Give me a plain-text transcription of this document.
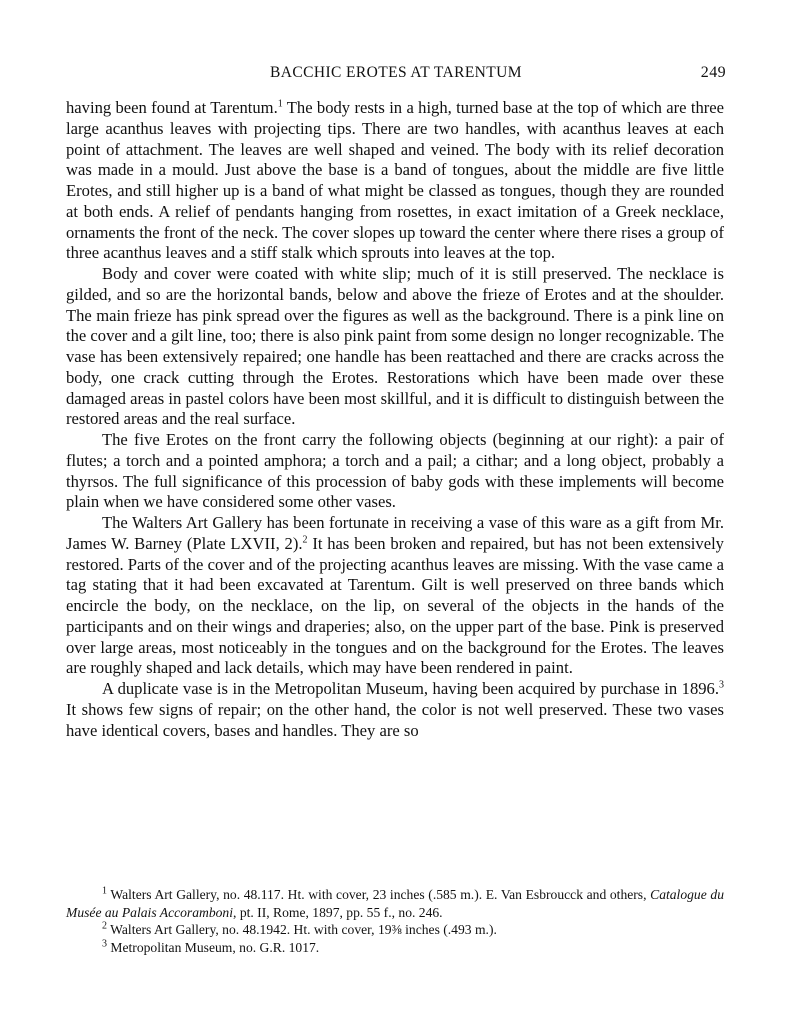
BACCHIC EROTES AT TARENTUM	249

having been found at Tarentum.$^1$ The body rests in a high, turned base at the top of which are three large acanthus leaves with projecting tips. There are two handles, with acanthus leaves at each point of attachment. The leaves are well shaped and veined. The body with its relief decoration was made in a mould. Just above the base is a band of tongues, about the middle are five little Erotes, and still higher up is a band of what might be classed as tongues, though they are rounded at both ends. A relief of pendants hanging from rosettes, in exact imitation of a Greek necklace, ornaments the front of the neck. The cover slopes up toward the center where there rises a group of three acanthus leaves and a stiff stalk which sprouts into leaves at the top.

Body and cover were coated with white slip; much of it is still preserved. The necklace is gilded, and so are the horizontal bands, below and above the frieze of Erotes and at the shoulder. The main frieze has pink spread over the figures as well as the background. There is a pink line on the cover and a gilt line, too; there is also pink paint from some design no longer recognizable. The vase has been extensively repaired; one handle has been reattached and there are cracks across the body, one crack cutting through the Erotes. Restorations which have been made over these damaged areas in pastel colors have been most skillful, and it is difficult to distinguish between the restored areas and the real surface.

The five Erotes on the front carry the following objects (beginning at our right): a pair of flutes; a torch and a pointed amphora; a torch and a pail; a cithar; and a long object, probably a thyrsos. The full significance of this procession of baby gods with these implements will become plain when we have considered some other vases.

The Walters Art Gallery has been fortunate in receiving a vase of this ware as a gift from Mr. James W. Barney (Plate LXVII, 2).$^2$ It has been broken and repaired, but has not been extensively restored. Parts of the cover and of the projecting acanthus leaves are missing. With the vase came a tag stating that it had been excavated at Tarentum. Gilt is well preserved on three bands which encircle the body, on the necklace, on the lip, on several of the objects in the hands of the participants and on their wings and draperies; also, on the upper part of the base. Pink is preserved over large areas, most noticeably in the tongues and on the background for the Erotes. The leaves are roughly shaped and lack details, which may have been rendered in paint.

A duplicate vase is in the Metropolitan Museum, having been acquired by purchase in 1896.$^3$ It shows few signs of repair; on the other hand, the color is not well preserved. These two vases have identical covers, bases and handles. They are so

$^1$ Walters Art Gallery, no. 48.117. Ht. with cover, 23 inches (.585 m.). E. Van Esbroucck and others, Catalogue du Musée au Palais Accoramboni, pt. II, Rome, 1897, pp. 55 f., no. 246.

$^2$ Walters Art Gallery, no. 48.1942. Ht. with cover, 19⅜ inches (.493 m.).

$^3$ Metropolitan Museum, no. G.R. 1017.
